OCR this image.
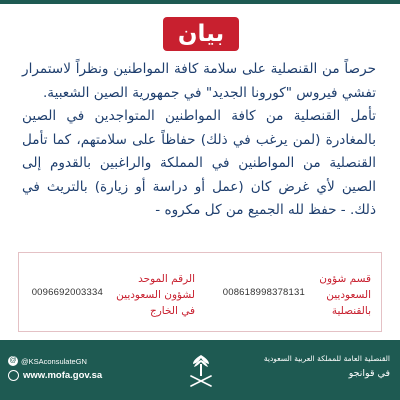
بيان

حرصاً من القنصلية على سلامة كافة المواطنين ونظراً لاستمرار تفشي فيروس "كورونا الجديد" في جمهورية الصين الشعبية.

تأمل القنصلية من كافة المواطنين المتواجدين في الصين بالمغادرة (لمن يرغب في ذلك) حفاظاً على سلامتهم، كما تأمل القنصلية من المواطنين في المملكة والراغبين بالقدوم إلى الصين لأي غرض كان (عمل أو دراسة أو زيارة) بالتريث في ذلك. - حفظ لله الجميع من كل مكروه -

قسم شؤون السعوديين بالقنصلية
008618998378131
الرقم الموحد لشؤون السعوديين في الخارج
0096692003334
@ @KSAconsulateGN
www.mofa.gov.sa
القنصلية العامة للمملكة العربية السعودية
في قوانجو
